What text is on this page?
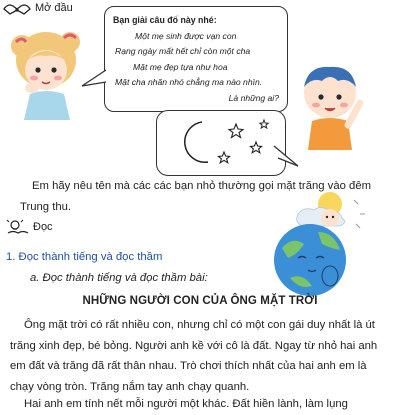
Mở đầu
Bạn giải câu đố này nhé:
Một mẹ sinh được vạn con
Rạng ngày mất hết chỉ còn một cha
Mặt mẹ đẹp tựa như hoa
Mặt cha nhăn nhó chẳng ma nào nhìn.
Là những ai?
Em hãy nêu tên mà các các bạn nhỏ thường gọi mặt trăng vào đêm
Trung thu.
Đọc
1. Đọc thành tiếng và đọc thầm
a. Đọc thành tiếng và đọc thầm bài:
NHỮNG NGƯỜI CON CỦA ÔNG MẶT TRỜI
Ông mặt trời có rất nhiều con, nhưng chỉ có một con gái duy nhất là út
trăng xinh đẹp, bé bỏng. Người anh kề với cô là đất. Ngay từ nhỏ hai anh
em đất và trăng đã rất thân nhau. Trò chơi thích nhất của hai anh em là
chạy vòng tròn. Trăng nắm tay anh chạy quanh.
Hai anh em tính nết mỗi người một khác. Đất hiền lành, làm lụng
